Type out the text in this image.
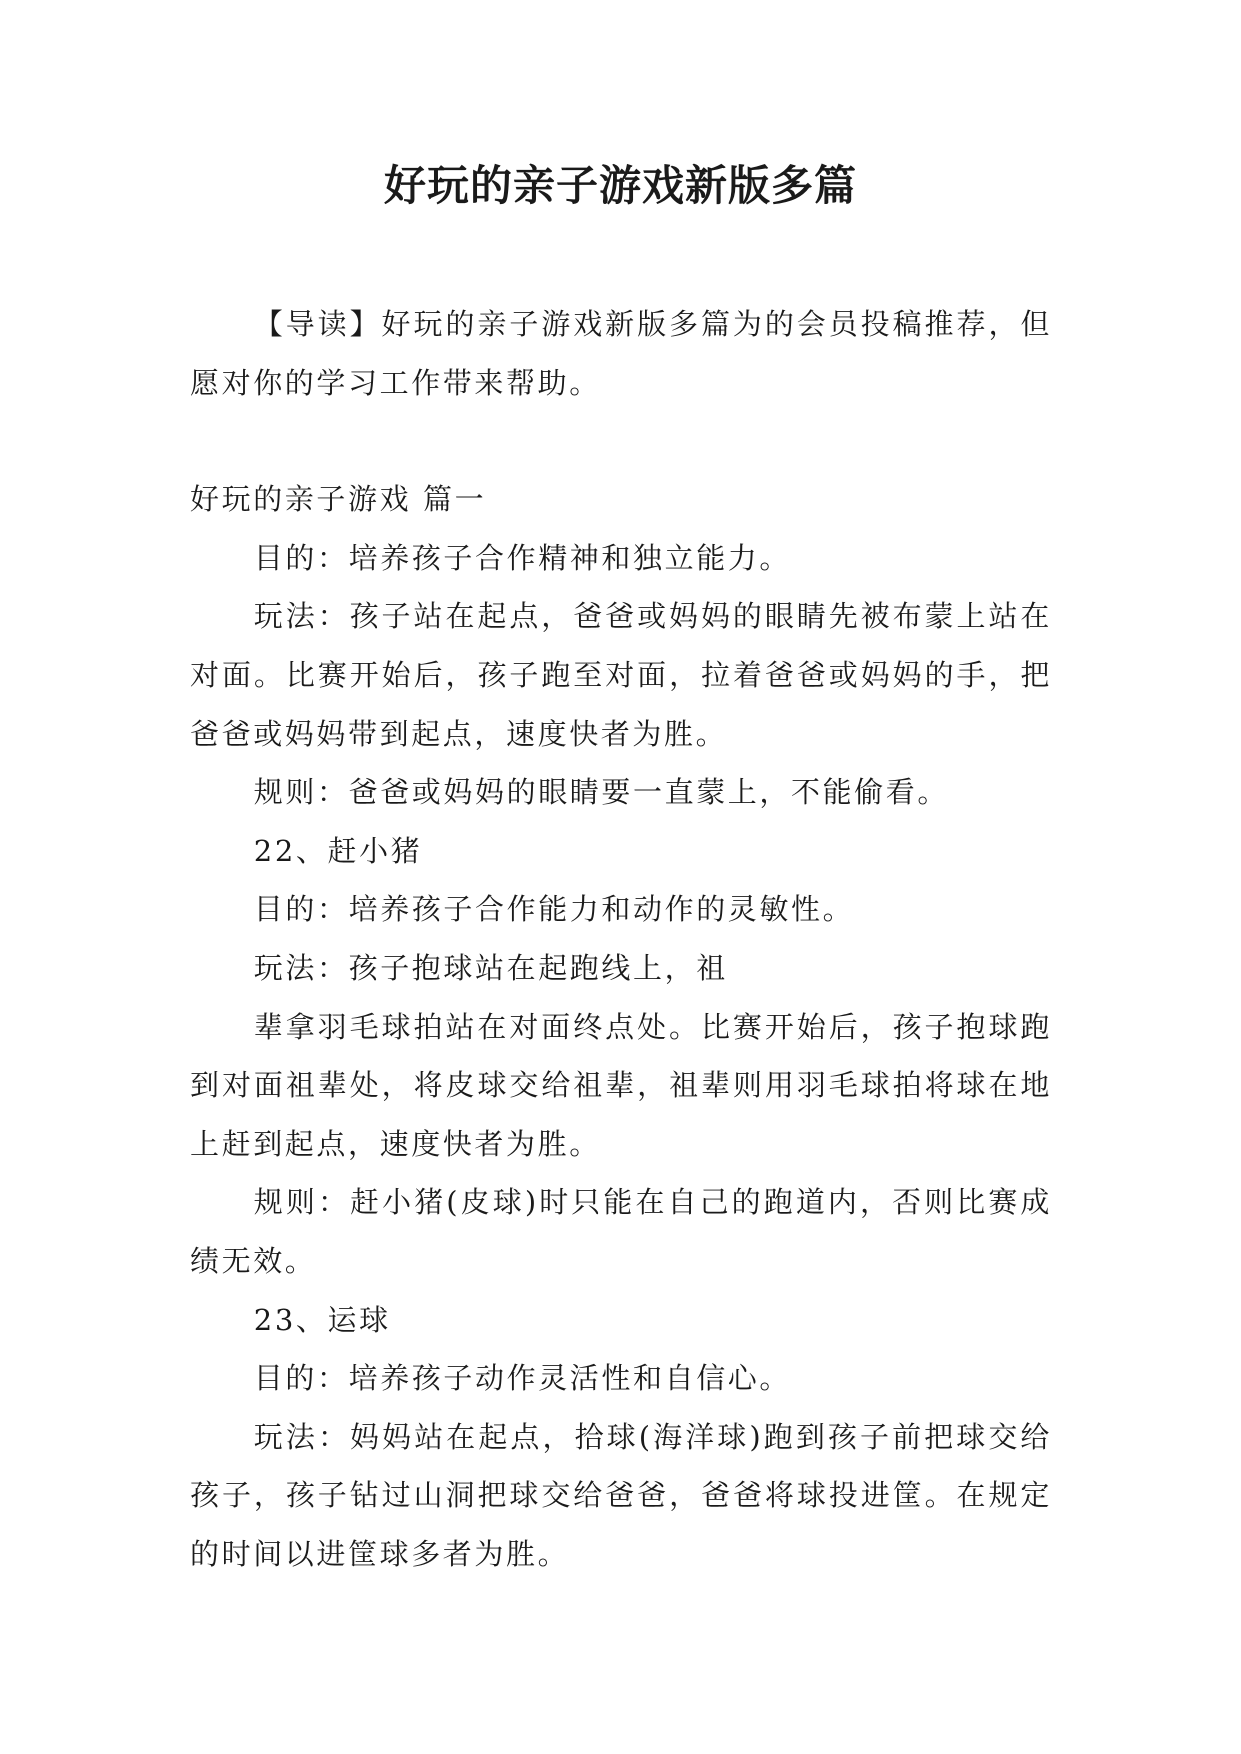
好玩的亲子游戏新版多篇

【导读】好玩的亲子游戏新版多篇为的会员投稿推荐，但愿对你的学习工作带来帮助。

好玩的亲子游戏 篇一

目的：培养孩子合作精神和独立能力。

玩法：孩子站在起点，爸爸或妈妈的眼睛先被布蒙上站在对面。比赛开始后，孩子跑至对面，拉着爸爸或妈妈的手，把爸爸或妈妈带到起点，速度快者为胜。

规则：爸爸或妈妈的眼睛要一直蒙上，不能偷看。

22、赶小猪

目的：培养孩子合作能力和动作的灵敏性。

玩法：孩子抱球站在起跑线上，祖

辈拿羽毛球拍站在对面终点处。比赛开始后，孩子抱球跑到对面祖辈处，将皮球交给祖辈，祖辈则用羽毛球拍将球在地上赶到起点，速度快者为胜。

规则：赶小猪(皮球)时只能在自己的跑道内，否则比赛成绩无效。

23、运球

目的：培养孩子动作灵活性和自信心。

玩法：妈妈站在起点，拾球(海洋球)跑到孩子前把球交给孩子，孩子钻过山洞把球交给爸爸，爸爸将球投进筐。在规定的时间以进筐球多者为胜。
